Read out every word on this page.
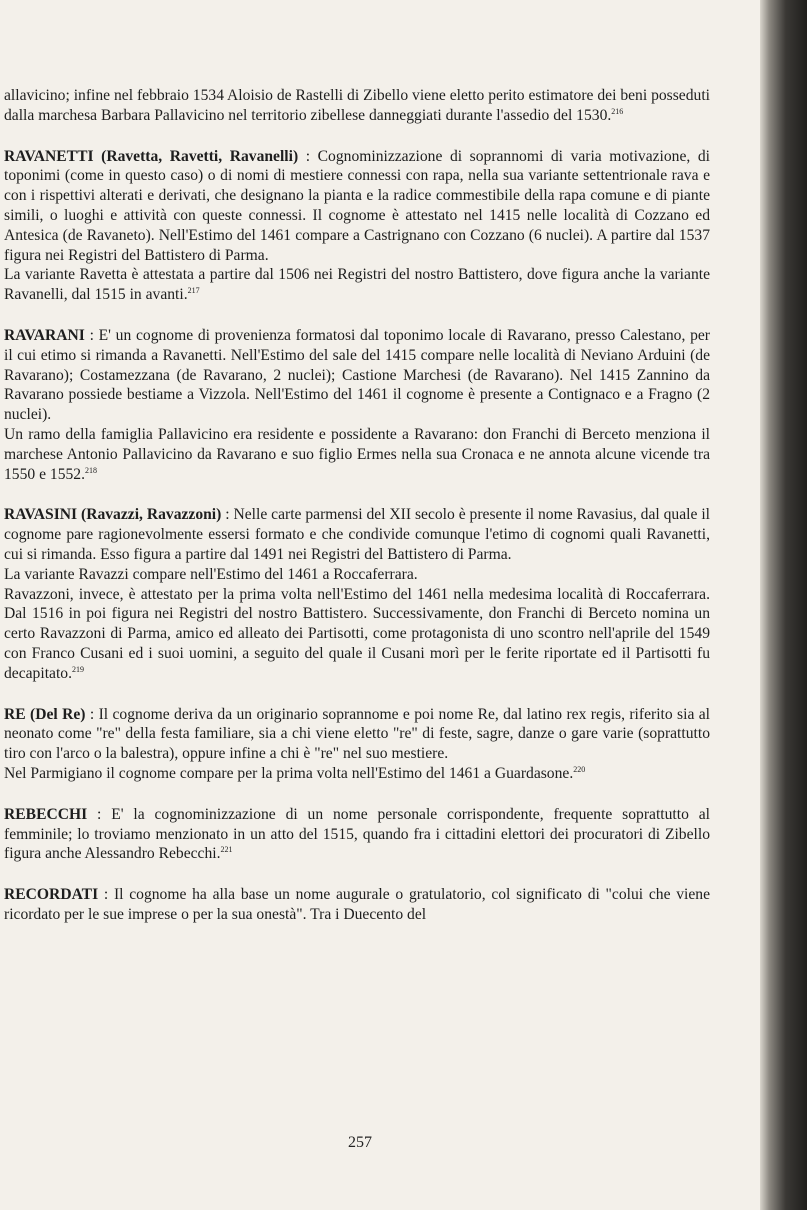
allavicino; infine nel febbraio 1534 Aloisio de Rastelli di Zibello viene eletto perito estimatore dei beni posseduti dalla marchesa Barbara Pallavicino nel territorio zibellese danneggiati durante l'assedio del 1530.$^{216}$

RAVANETTI (Ravetta, Ravetti, Ravanelli) : Cognominizzazione di soprannomi di varia motivazione, di toponimi (come in questo caso) o di nomi di mestiere connessi con rapa, nella sua variante settentrionale rava e con i rispettivi alterati e derivati, che designano la pianta e la radice commestibile della rapa comune e di piante simili, o luoghi e attività con queste connessi. Il cognome è attestato nel 1415 nelle località di Cozzano ed Antesica (de Ravaneto). Nell'Estimo del 1461 compare a Castrignano con Cozzano (6 nuclei). A partire dal 1537 figura nei Registri del Battistero di Parma.

La variante Ravetta è attestata a partire dal 1506 nei Registri del nostro Battistero, dove figura anche la variante Ravanelli, dal 1515 in avanti.$^{217}$

RAVARANI : E' un cognome di provenienza formatosi dal toponimo locale di Ravarano, presso Calestano, per il cui etimo si rimanda a Ravanetti. Nell'Estimo del sale del 1415 compare nelle località di Neviano Arduini (de Ravarano); Costamezzana (de Ravarano, 2 nuclei); Castione Marchesi (de Ravarano). Nel 1415 Zannino da Ravarano possiede bestiame a Vizzola. Nell'Estimo del 1461 il cognome è presente a Contignaco e a Fragno (2 nuclei).

Un ramo della famiglia Pallavicino era residente e possidente a Ravarano: don Franchi di Berceto menziona il marchese Antonio Pallavicino da Ravarano e suo figlio Ermes nella sua Cronaca e ne annota alcune vicende tra 1550 e 1552.$^{218}$

RAVASINI (Ravazzi, Ravazzoni) : Nelle carte parmensi del XII secolo è presente il nome Ravasius, dal quale il cognome pare ragionevolmente essersi formato e che condivide comunque l'etimo di cognomi quali Ravanetti, cui si rimanda. Esso figura a partire dal 1491 nei Registri del Battistero di Parma.

La variante Ravazzi compare nell'Estimo del 1461 a Roccaferrara.

Ravazzoni, invece, è attestato per la prima volta nell'Estimo del 1461 nella medesima località di Roccaferrara. Dal 1516 in poi figura nei Registri del nostro Battistero. Successivamente, don Franchi di Berceto nomina un certo Ravazzoni di Parma, amico ed alleato dei Partisotti, come protagonista di uno scontro nell'aprile del 1549 con Franco Cusani ed i suoi uomini, a seguito del quale il Cusani morì per le ferite riportate ed il Partisotti fu decapitato.$^{219}$

RE (Del Re) : Il cognome deriva da un originario soprannome e poi nome Re, dal latino rex regis, riferito sia al neonato come "re" della festa familiare, sia a chi viene eletto "re" di feste, sagre, danze o gare varie (soprattutto tiro con l'arco o la balestra), oppure infine a chi è "re" nel suo mestiere.

Nel Parmigiano il cognome compare per la prima volta nell'Estimo del 1461 a Guardasone.$^{220}$

REBECCHI : E' la cognominizzazione di un nome personale corrispondente, frequente soprattutto al femminile; lo troviamo menzionato in un atto del 1515, quando fra i cittadini elettori dei procuratori di Zibello figura anche Alessandro Rebecchi.$^{221}$

RECORDATI : Il cognome ha alla base un nome augurale o gratulatorio, col significato di "colui che viene ricordato per le sue imprese o per la sua onestà". Tra i Duecento del

257
